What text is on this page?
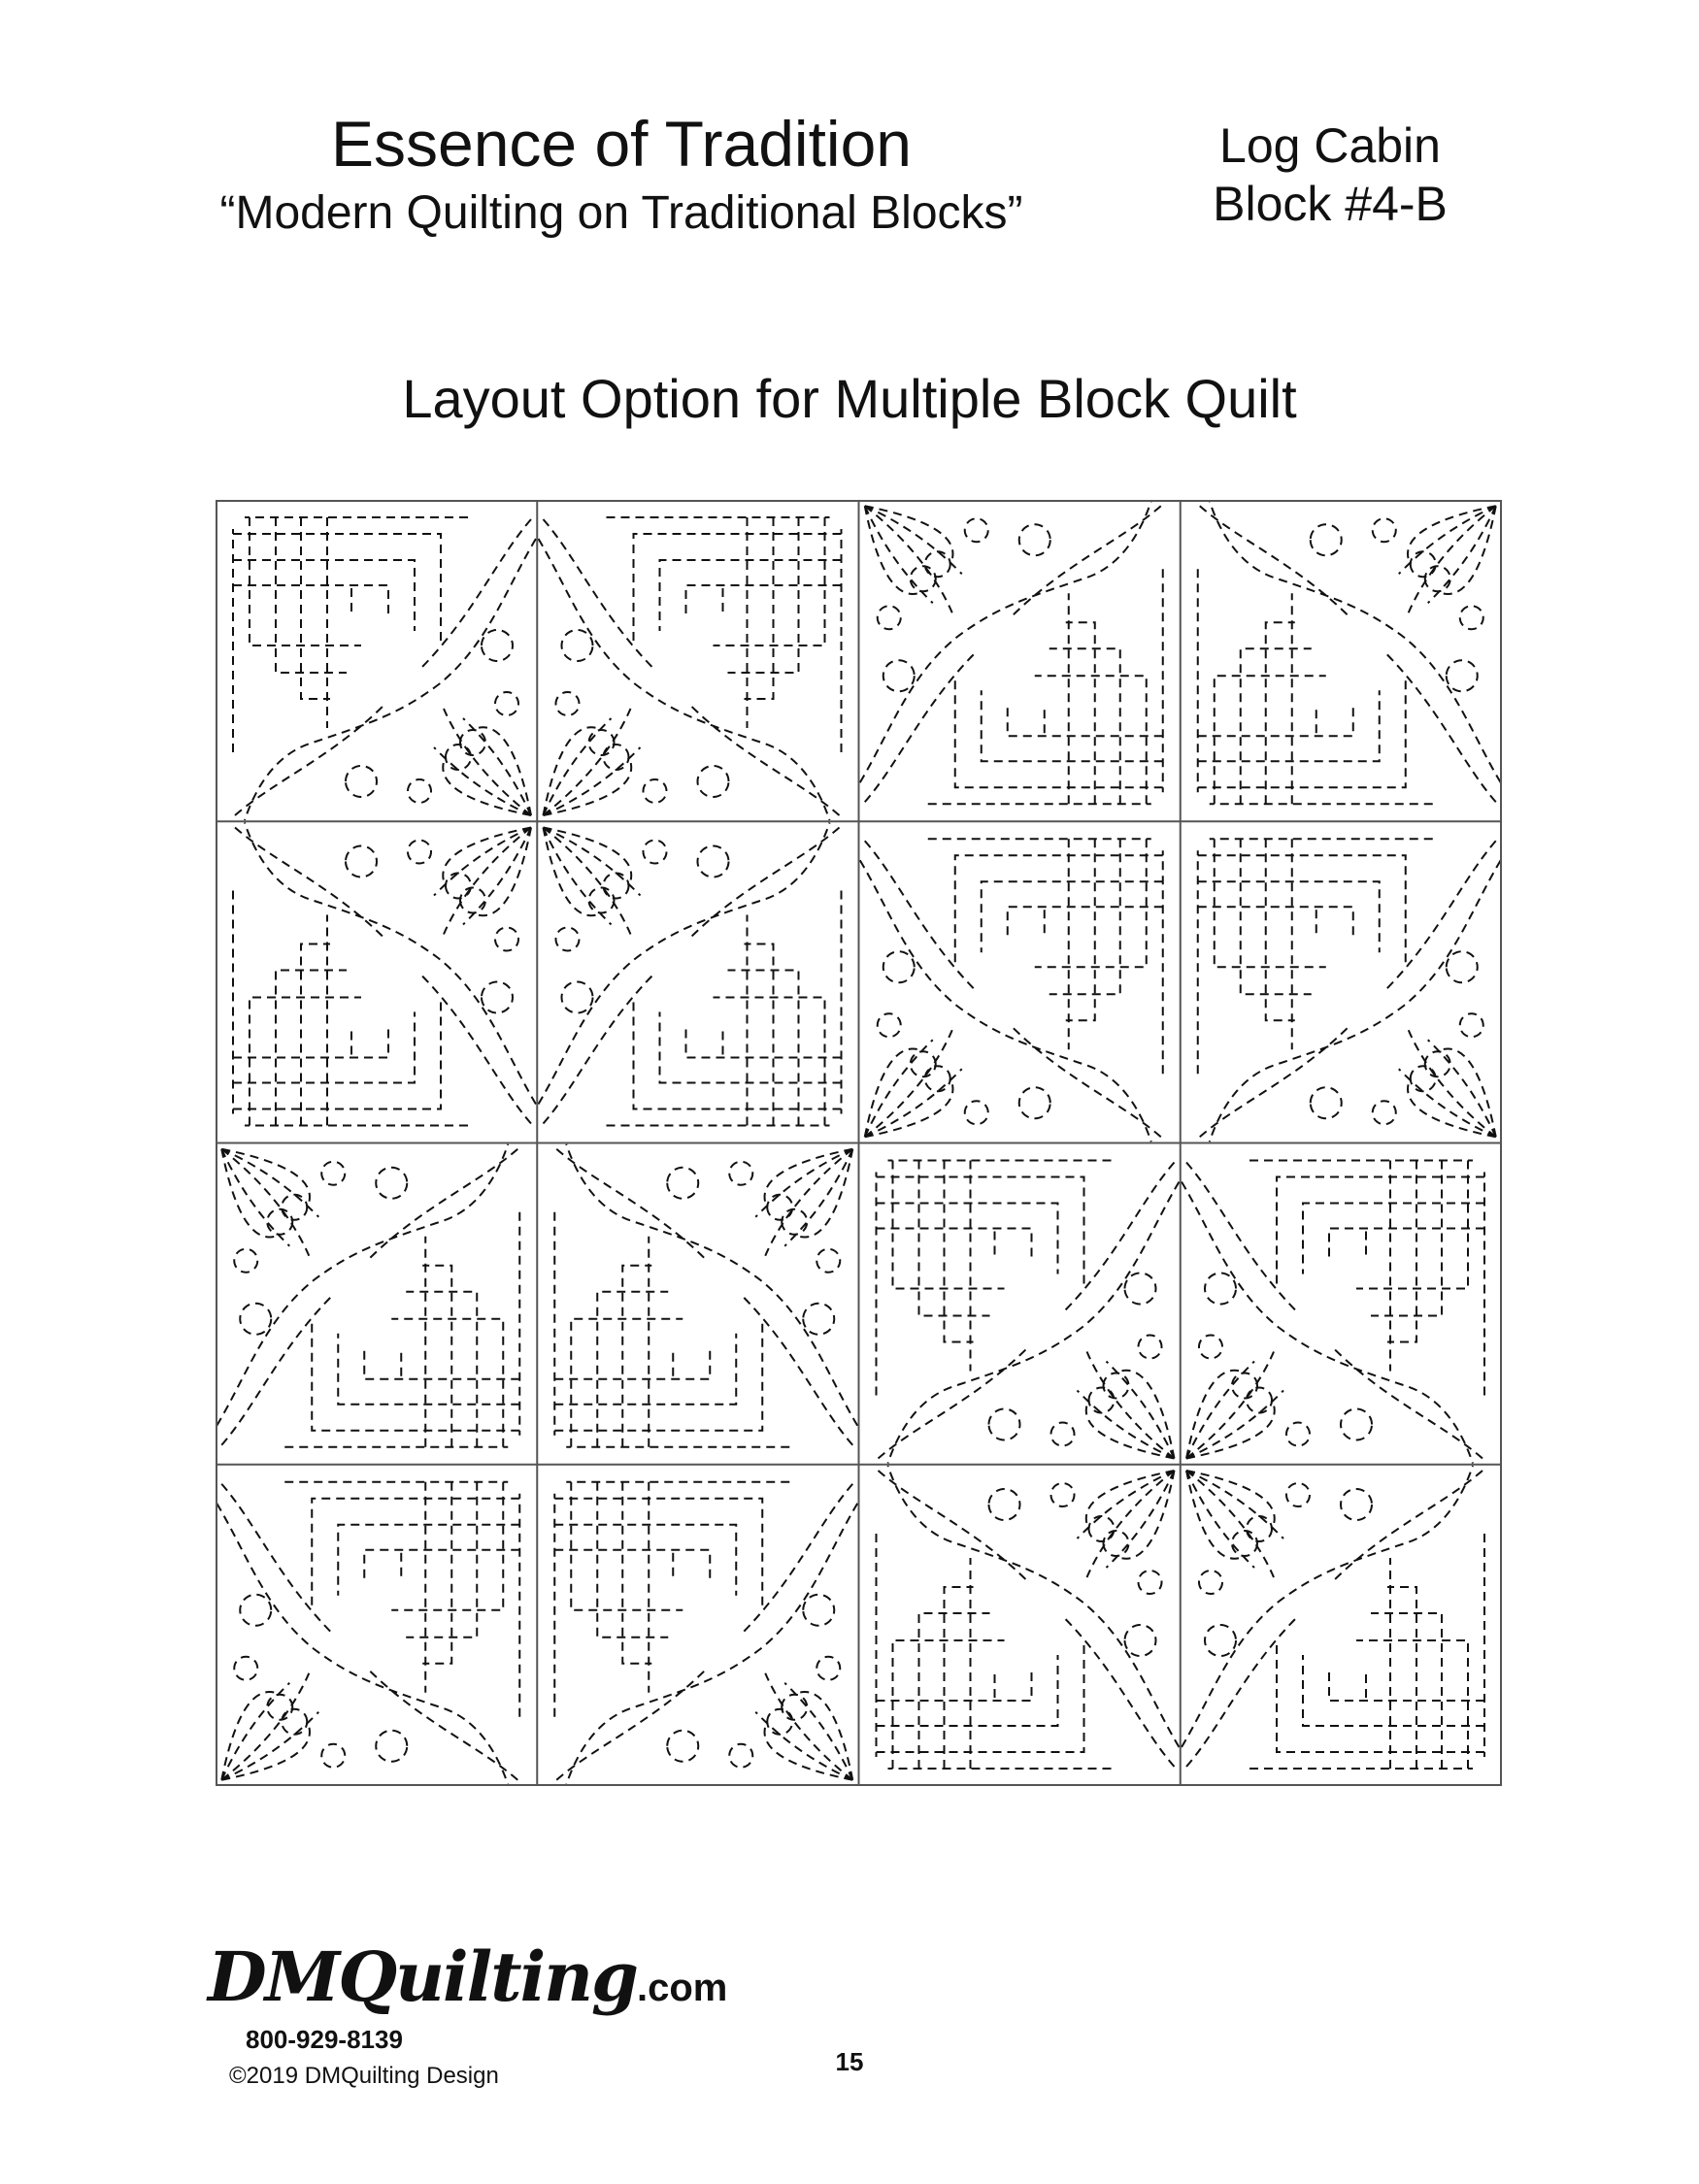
Essence of Tradition
“Modern Quilting on Traditional Blocks”
Log Cabin
Block #4-B
Layout Option for Multiple Block Quilt
DMQuilting.com
800-929-8139
©2019 DMQuilting Design	15
